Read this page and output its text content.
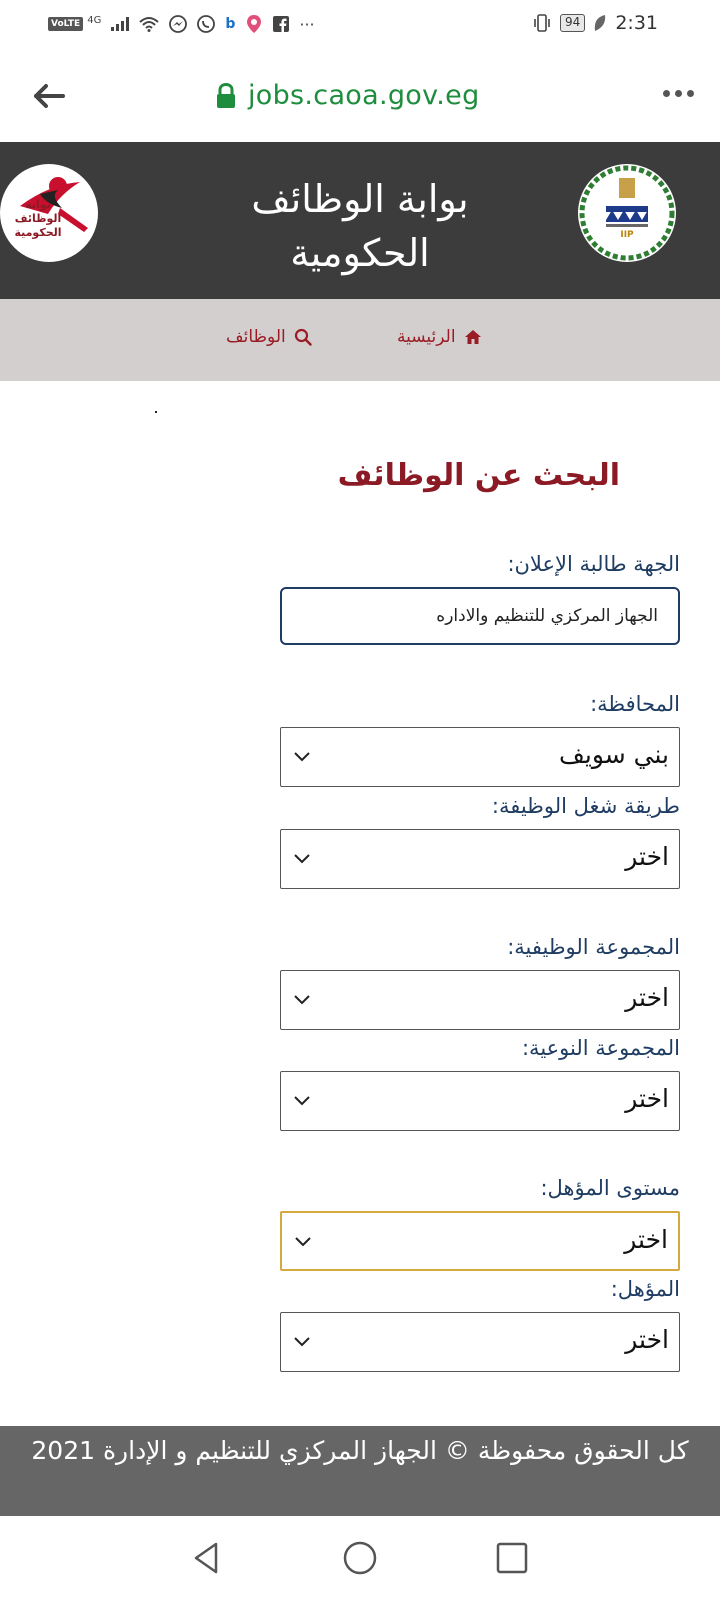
VoLTE 4G	b	···	94 2:31
jobs.caoa.gov.eg
بوابة الوظائف الحكومية
بوابة الوظائف الحكومية	IIP
الرئيسية
الوظائف
البحث عن الوظائف
الجهة طالبة الإعلان:
الجهاز المركزي للتنظيم والاداره
المحافظة:
بني سويف
طريقة شغل الوظيفة:
اختر
المجموعة الوظيفية:
اختر
المجموعة النوعية:
اختر
مستوى المؤهل:
اختر
المؤهل:
اختر
كل الحقوق محفوظة © الجهاز المركزي للتنظيم و الإدارة 2021
